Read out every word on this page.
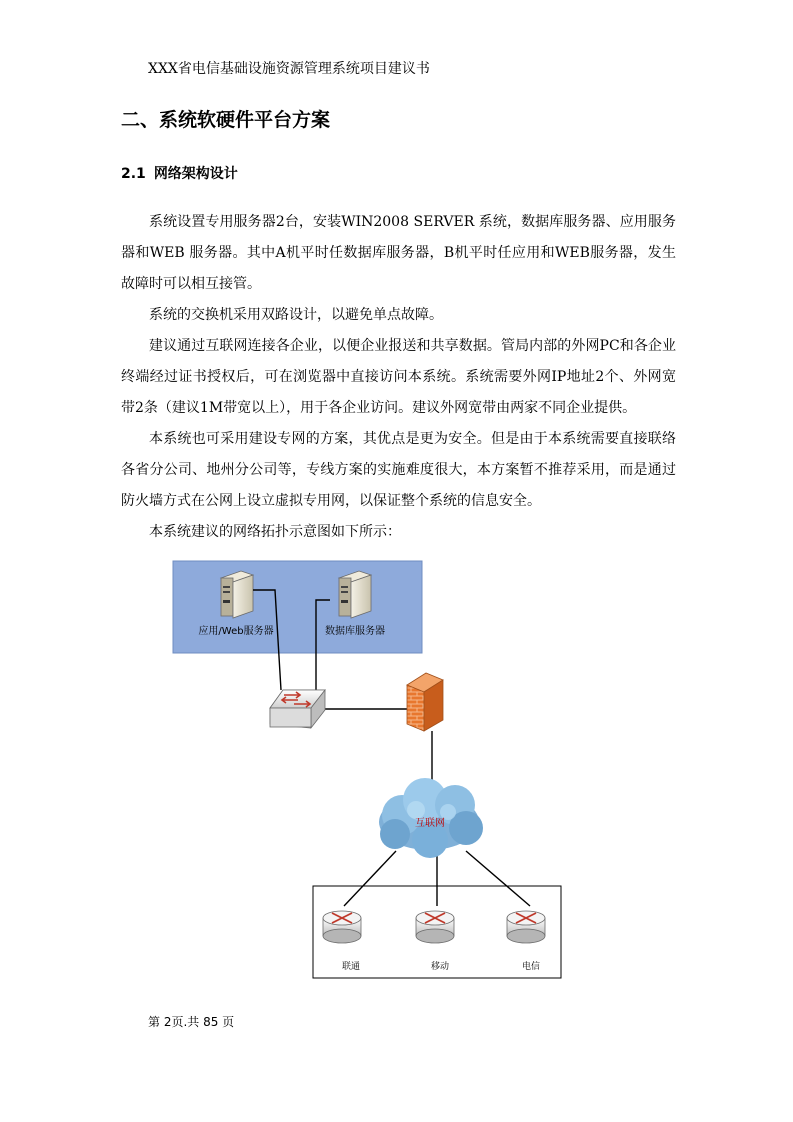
XXX省电信基础设施资源管理系统项目建议书
二、系统软硬件平台方案
2.1 网络架构设计

系统设置专用服务器2台，安装WIN2008 SERVER 系统，数据库服务器、应用服务器和WEB 服务器。其中A机平时任数据库服务器，B机平时任应用和WEB服务器，发生故障时可以相互接管。

系统的交换机采用双路设计，以避免单点故障。

建议通过互联网连接各企业，以便企业报送和共享数据。管局内部的外网PC和各企业终端经过证书授权后，可在浏览器中直接访问本系统。系统需要外网IP地址2个、外网宽带2条（建议1M带宽以上），用于各企业访问。建议外网宽带由两家不同企业提供。

本系统也可采用建设专网的方案，其优点是更为安全。但是由于本系统需要直接联络各省分公司、地州分公司等，专线方案的实施难度很大，本方案暂不推荐采用，而是通过防火墙方式在公网上设立虚拟专用网，以保证整个系统的信息安全。

本系统建议的网络拓扑示意图如下所示：

应用/Web服务器	数据库服务器
互联网
联通	移动	电信
第 2页.共 85 页
